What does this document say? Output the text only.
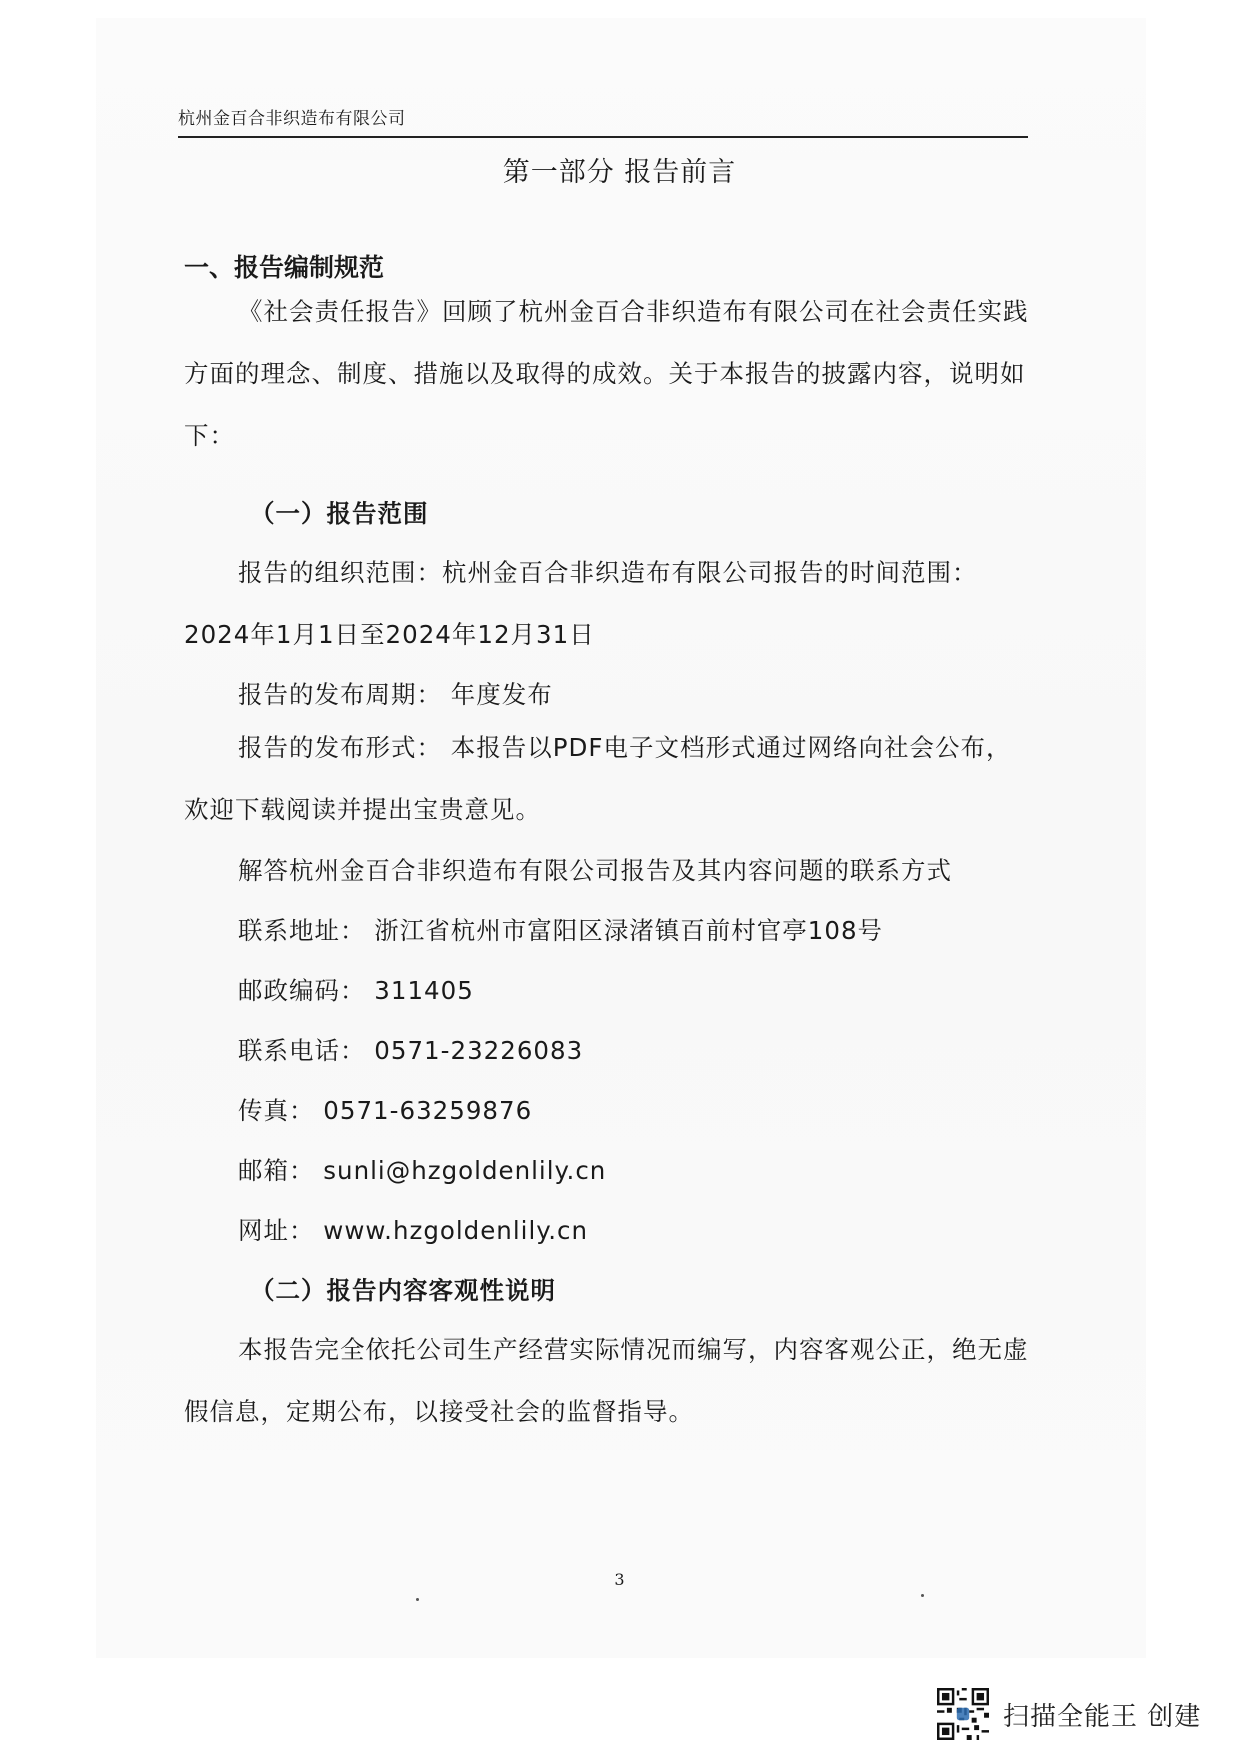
杭州金百合非织造布有限公司
第一部分 报告前言
一、报告编制规范
《社会责任报告》回顾了杭州金百合非织造布有限公司在社会责任实践方面的理念、制度、措施以及取得的成效。关于本报告的披露内容，说明如下：
（一）报告范围
报告的组织范围：杭州金百合非织造布有限公司报告的时间范围：2024年1月1日至2024年12月31日
报告的发布周期： 年度发布
报告的发布形式： 本报告以PDF电子文档形式通过网络向社会公布，欢迎下载阅读并提出宝贵意见。
解答杭州金百合非织造布有限公司报告及其内容问题的联系方式
联系地址： 浙江省杭州市富阳区渌渚镇百前村官亭108号
邮政编码： 311405
联系电话： 0571-23226083
传真： 0571-63259876
邮箱： sunli@hzgoldenlily.cn
网址： www.hzgoldenlily.cn
（二）报告内容客观性说明
本报告完全依托公司生产经营实际情况而编写，内容客观公正，绝无虚假信息，定期公布，以接受社会的监督指导。
3
扫描全能王 创建
